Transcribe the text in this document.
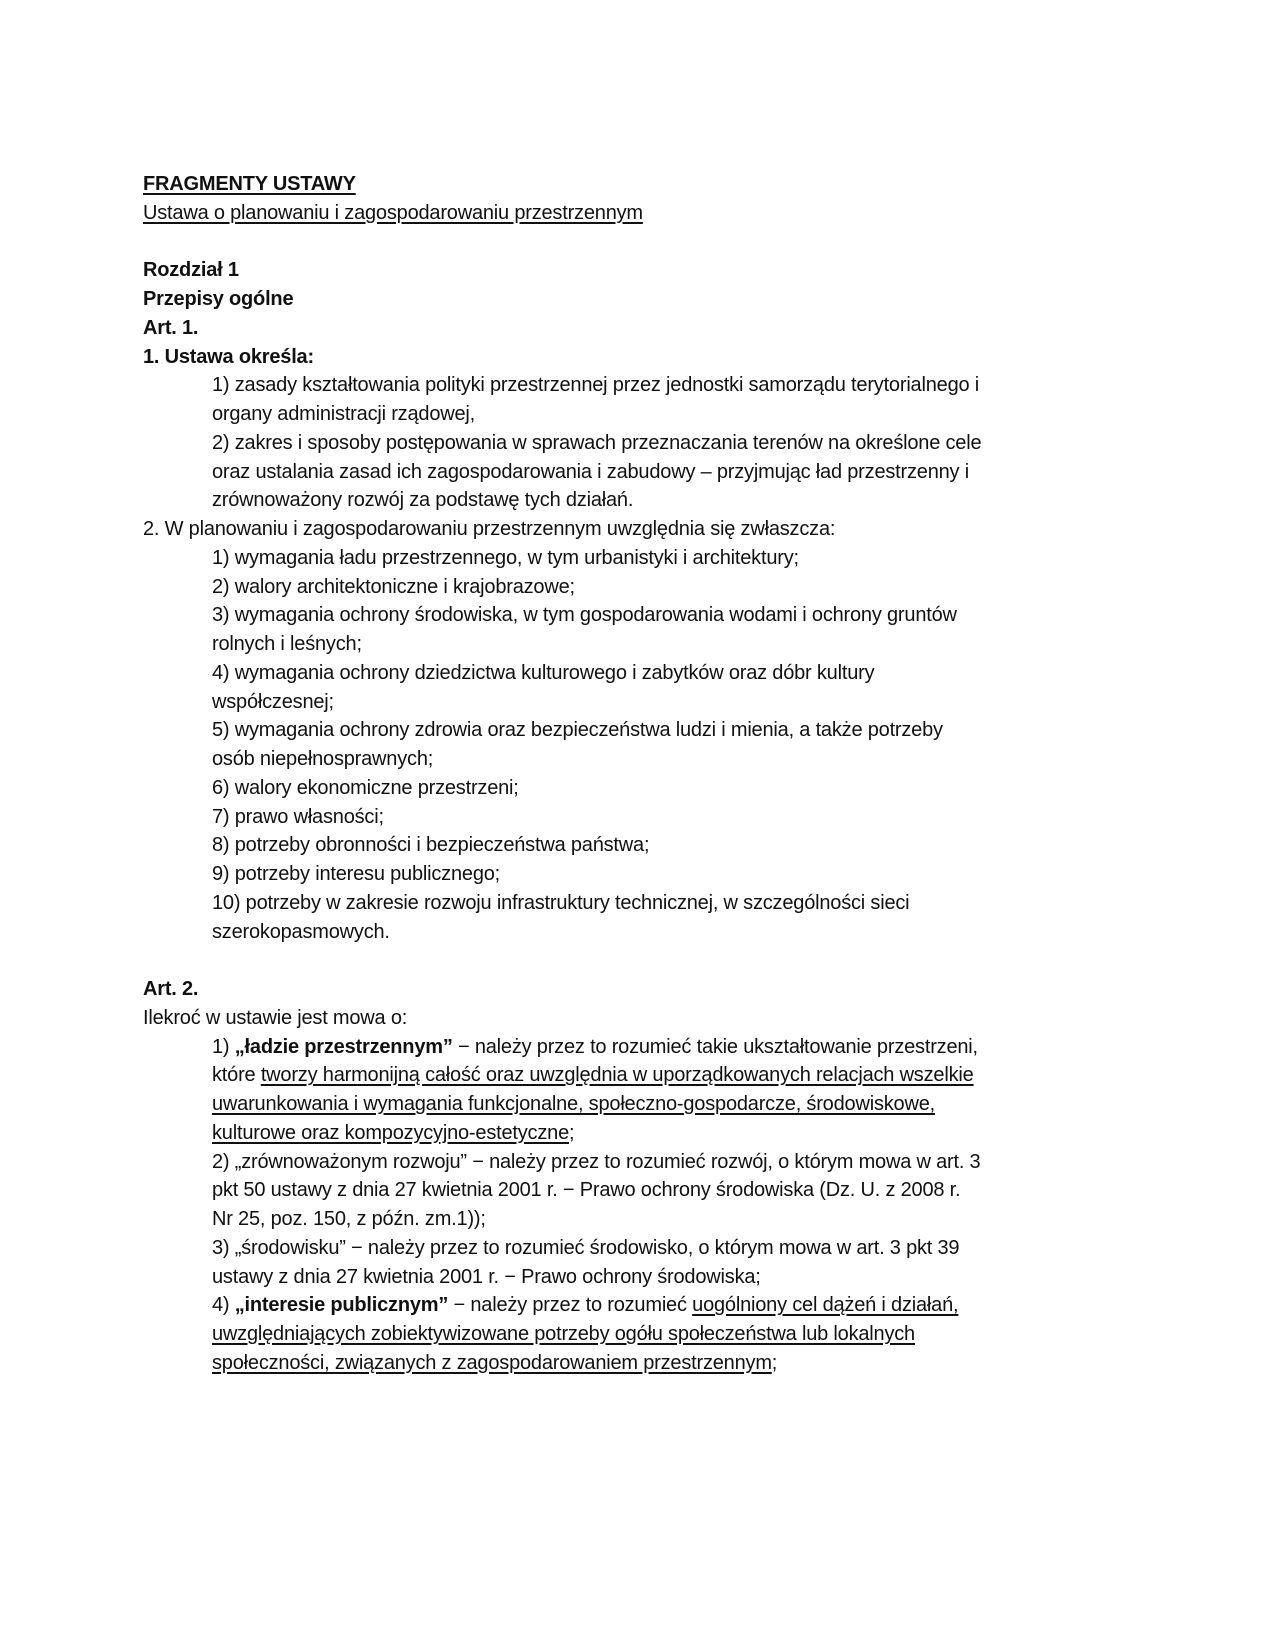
FRAGMENTY USTAWY
Ustawa o planowaniu i zagospodarowaniu przestrzennym
Rozdział 1
Przepisy ogólne
Art. 1.
1. Ustawa określa:
1) zasady kształtowania polityki przestrzennej przez jednostki samorządu terytorialnego i
organy administracji rządowej,
2) zakres i sposoby postępowania w sprawach przeznaczania terenów na określone cele
oraz ustalania zasad ich zagospodarowania i zabudowy – przyjmując ład przestrzenny i
zrównoważony rozwój za podstawę tych działań.
2. W planowaniu i zagospodarowaniu przestrzennym uwzględnia się zwłaszcza:
1) wymagania ładu przestrzennego, w tym urbanistyki i architektury;
2) walory architektoniczne i krajobrazowe;
3) wymagania ochrony środowiska, w tym gospodarowania wodami i ochrony gruntów
rolnych i leśnych;
4) wymagania ochrony dziedzictwa kulturowego i zabytków oraz dóbr kultury
współczesnej;
5) wymagania ochrony zdrowia oraz bezpieczeństwa ludzi i mienia, a także potrzeby
osób niepełnosprawnych;
6) walory ekonomiczne przestrzeni;
7) prawo własności;
8) potrzeby obronności i bezpieczeństwa państwa;
9) potrzeby interesu publicznego;
10) potrzeby w zakresie rozwoju infrastruktury technicznej, w szczególności sieci
szerokopasmowych.
Art. 2.
Ilekroć w ustawie jest mowa o:
1) „ładzie przestrzennym” − należy przez to rozumieć takie ukształtowanie przestrzeni,
które tworzy harmonijną całość oraz uwzględnia w uporządkowanych relacjach wszelkie
uwarunkowania i wymagania funkcjonalne, społeczno-gospodarcze, środowiskowe,
kulturowe oraz kompozycyjno-estetyczne;
2) „zrównoważonym rozwoju” − należy przez to rozumieć rozwój, o którym mowa w art. 3
pkt 50 ustawy z dnia 27 kwietnia 2001 r. − Prawo ochrony środowiska (Dz. U. z 2008 r.
Nr 25, poz. 150, z późn. zm.1));
3) „środowisku” − należy przez to rozumieć środowisko, o którym mowa w art. 3 pkt 39
ustawy z dnia 27 kwietnia 2001 r. − Prawo ochrony środowiska;
4) „interesie publicznym” − należy przez to rozumieć uogólniony cel dążeń i działań,
uwzględniających zobiektywizowane potrzeby ogółu społeczeństwa lub lokalnych
społeczności, związanych z zagospodarowaniem przestrzennym;
